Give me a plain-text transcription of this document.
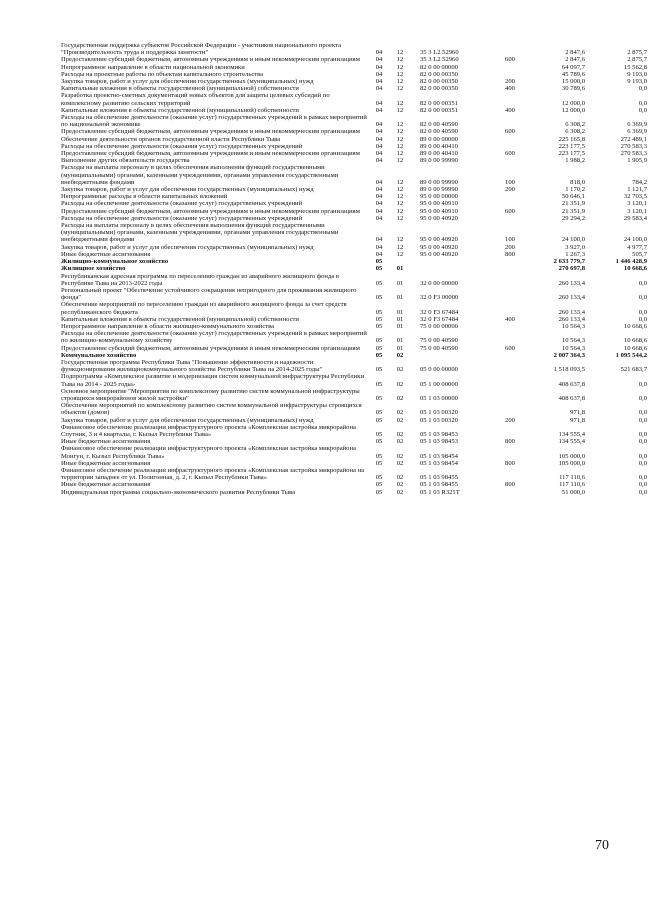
Государственная поддержка субъектов Российской Федерации - участников национального проекта "Производительность труда и поддержка занятости"	04	12	35 3 L2 52960		2 847,6	2 875,7
Предоставление субсидий бюджетным, автономным учреждениям и иным некоммерческим организациям	04	12	35 3 L2 52960	600	2 847,6	2 875,7
Непрограммное направление в области национальной экономики	04	12	82 0 00 00000		64 097,7	15 562,8
Расходы на проектные работы по объектам капитального строительства	04	12	82 0 00 00350		45 789,6	9 193,0
Закупка товаров, работ и услуг для обеспечения государственных (муниципальных) нужд	04	12	82 0 00 00350	200	15 000,0	9 193,0
Капитальные вложения в объекты государственной (муниципальной) собственности	04	12	82 0 00 00350	400	30 789,6	0,0
Разработка проектно-сметных документаций новых объектов для защиты целевых субсидий по комплексному развитию сельских территорий	04	12	82 0 00 00351		12 000,0	0,0
Капитальные вложения в объекты государственной (муниципальной) собственности	04	12	82 0 00 00351	400	12 000,0	0,0
Расходы на обеспечение деятельности (оказание услуг) государственных учреждений в рамках мероприятий по национальной экономике	04	12	82 0 00 40590		6 308,2	6 369,9
Предоставление субсидий бюджетным, автономным учреждениям и иным некоммерческим организациям	04	12	82 0 00 40590	600	6 308,2	6 369,9
Обеспечение деятельности органов государственной власти Республики Тыва	04	12	89 0 00 00000		225 165,8	272 489,1
Расходы на обеспечение деятельности (оказания услуг) государственных учреждений	04	12	89 0 00 40410		223 177,5	270 583,3
Предоставление субсидий бюджетным, автономным учреждениям и иным некоммерческим организациям	04	12	89 0 00 40410	600	223 177,5	270 583,3
Выполнение других обязательств государства	04	12	89 0 00 99990		1 988,2	1 905,9
Расходы на выплаты персоналу в целях обеспечения выполнения функций государственными (муниципальными) органами, казенными учреждениями, органами управления государственными внебюджетными фондами	04	12	89 0 00 99990	100	818,0	784,2
Закупка товаров, работ и услуг для обеспечения государственных (муниципальных) нужд	04	12	89 0 00 99990	200	1 170,2	1 121,7
Непрограммные расходы в области капитальных вложений	04	12	95 0 00 00000		50 646,1	32 703,5
Расходы на обеспечение деятельности (оказание услуг) государственных учреждений	04	12	95 0 00 40910		21 351,9	3 120,1
Предоставление субсидий бюджетным, автономным учреждениям и иным некоммерческим организациям	04	12	95 0 00 40910	600	21 351,9	3 120,1
Расходы на обеспечение деятельности (оказание услуг) государственных учреждений	04	12	95 0 00 40920		29 294,2	29 583,4
Расходы на выплаты персоналу в целях обеспечения выполнения функций государственными (муниципальными) органами, казенными учреждениями, органами управления государственными внебюджетными фондами	04	12	95 0 00 40920	100	24 100,0	24 100,0
Закупка товаров, работ и услуг для обеспечения государственных (муниципальных) нужд	04	12	95 0 00 40920	200	3 927,0	4 977,7
Иные бюджетные ассигнования	04	12	95 0 00 40920	800	1 267,3	505,7
Жилищно-коммунальное хозяйство	05				2 633 779,7	1 446 428,9
Жилищное хозяйство	05	01			270 697,8	10 668,6
Республиканская адресная программа по переселению граждан из аварийного жилищного фонда в Республике Тыва на 2013-2022 годы	05	01	32 0 00 00000		260 133,4	0,0
Региональный проект "Обеспечение устойчивого сокращения непригодного для проживания жилищного фонда"	05	01	32 0 F3 00000		260 133,4	0,0
Обеспечение мероприятий по переселению граждан из аварийного жилищного фонда за счет средств республиканского бюджета	05	01	32 0 F3 67484		260 133,4	0,0
Капитальные вложения в объекты государственной (муниципальной) собственности	05	01	32 0 F3 67484	400	260 133,4	0,0
Непрограммное направление в области жилищно-коммунального хозяйства	05	01	75 0 00 00000		10 564,3	10 668,6
Расходы на обеспечение деятельности (оказание услуг) государственных учреждений в рамках мероприятий по жилищно-коммунальному хозяйству	05	01	75 0 00 40590		10 564,3	10 668,6
Предоставление субсидий бюджетным, автономным учреждениям и иным некоммерческим организациям	05	01	75 0 00 40590	600	10 564,3	10 668,6
Коммунальное хозяйство	05	02			2 007 364,3	1 095 544,2
Государственная программа Республики Тыва "Повышение эффективности и надежности функционирования жилищнокоммунального хозяйства Республики Тыва на 2014-2025 годы"	05	02	05 0 00 00000		1 518 093,5	521 683,7
Подпрограмма «Комплексное развитие и модернизация систем коммунальной инфраструктуры Республики Тыва на 2014 - 2025 годы»	05	02	05 1 00 00000		408 637,8	0,0
Основное мероприятие "Мероприятия по комплексному развитию систем коммунальной инфраструктуры строящихся микрорайонов жилой застройки"	05	02	05 1 03 00000		408 637,8	0,0
Обеспечение мероприятий по комплексному развитию систем коммунальной инфраструктуры строящихся объектов (домов)	05	02	05 1 03 00320		971,8	0,0
Закупка товаров, работ и услуг для обеспечения государственных (муниципальных) нужд	05	02	05 1 03 00320	200	971,8	0,0
Финансовое обеспечение реализации инфраструктурного проекта «Комплексная застройка микрорайона Спутник, 3 и 4 кварталы, г. Кызыл Республики Тыва»	05	02	05 1 03 98453		134 555,4	0,0
Иные бюджетные ассигнования	05	02	05 1 03 98453	800	134 555,4	0,0
Финансовое обеспечение реализации инфраструктурного проекта «Комплексная застройка микрорайона Монгун, г. Кызыл Республики Тыва»	05	02	05 1 03 98454		105 000,0	0,0
Иные бюджетные ассигнования	05	02	05 1 03 98454	800	105 000,0	0,0
Финансовое обеспечение реализации инфраструктурного проекта «Комплексная застройка микрорайона на территории западнее от ул. Полигонная, д. 2, г. Кызыл Республики Тыва»	05	02	05 1 03 98455		117 110,6	0,0
Иные бюджетные ассигнования	05	02	05 1 03 98455	800	117 110,6	0,0
Индивидуальная программа социально-экономического развития Республики Тыва	05	02	05 1 03 R321T		51 000,0	0,0
70
